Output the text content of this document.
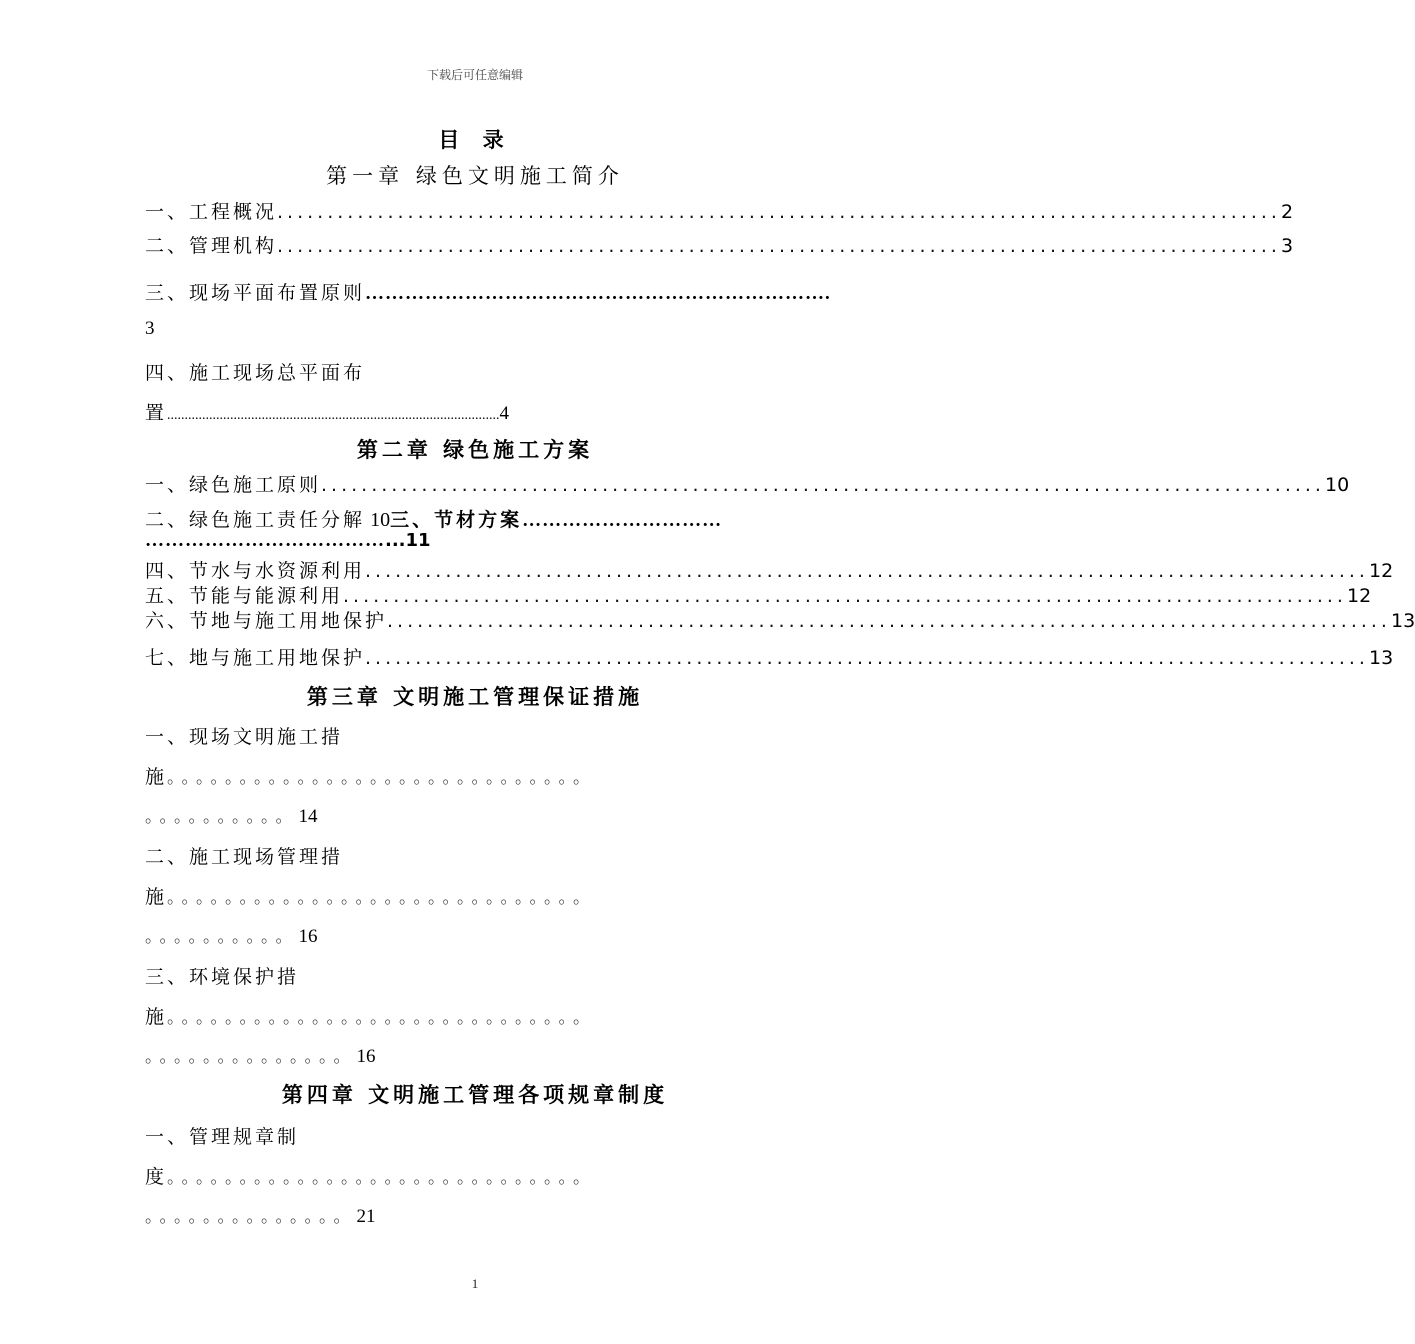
下载后可任意编辑
目 录
第一章 绿色文明施工简介
一、工程概况 .................................................................................................... 2
二、管理机构 .................................................................................................... 3
三、现场平面布置原则…………………………………………………………….
3
四、施工现场总平面布
置...............................................................................................4
第二章 绿色施工方案
一、绿色施工原则 .................................................................................................... 10
二、绿色施工责任分解 10三、节材方案…………………………
………………………………...11
四、节水与水资源利用 .................................................................................................... 12
五、节能与能源利用 .................................................................................................... 12
六、节地与施工用地保护 .................................................................................................... 13
七、地与施工用地保护 .................................................................................................... 13
第三章 文明施工管理保证措施
一、现场文明施工措
施。。。。。。。。。。。。。。。。。。。。。。。。。。。。。
。。。。。。。。。。14
二、施工现场管理措
施。。。。。。。。。。。。。。。。。。。。。。。。。。。。。
。。。。。。。。。。16
三、环境保护措
施。。。。。。。。。。。。。。。。。。。。。。。。。。。。。
。。。。。。。。。。。。。。16
第四章 文明施工管理各项规章制度
一、管理规章制
度。。。。。。。。。。。。。。。。。。。。。。。。。。。。。
。。。。。。。。。。。。。。21
1
